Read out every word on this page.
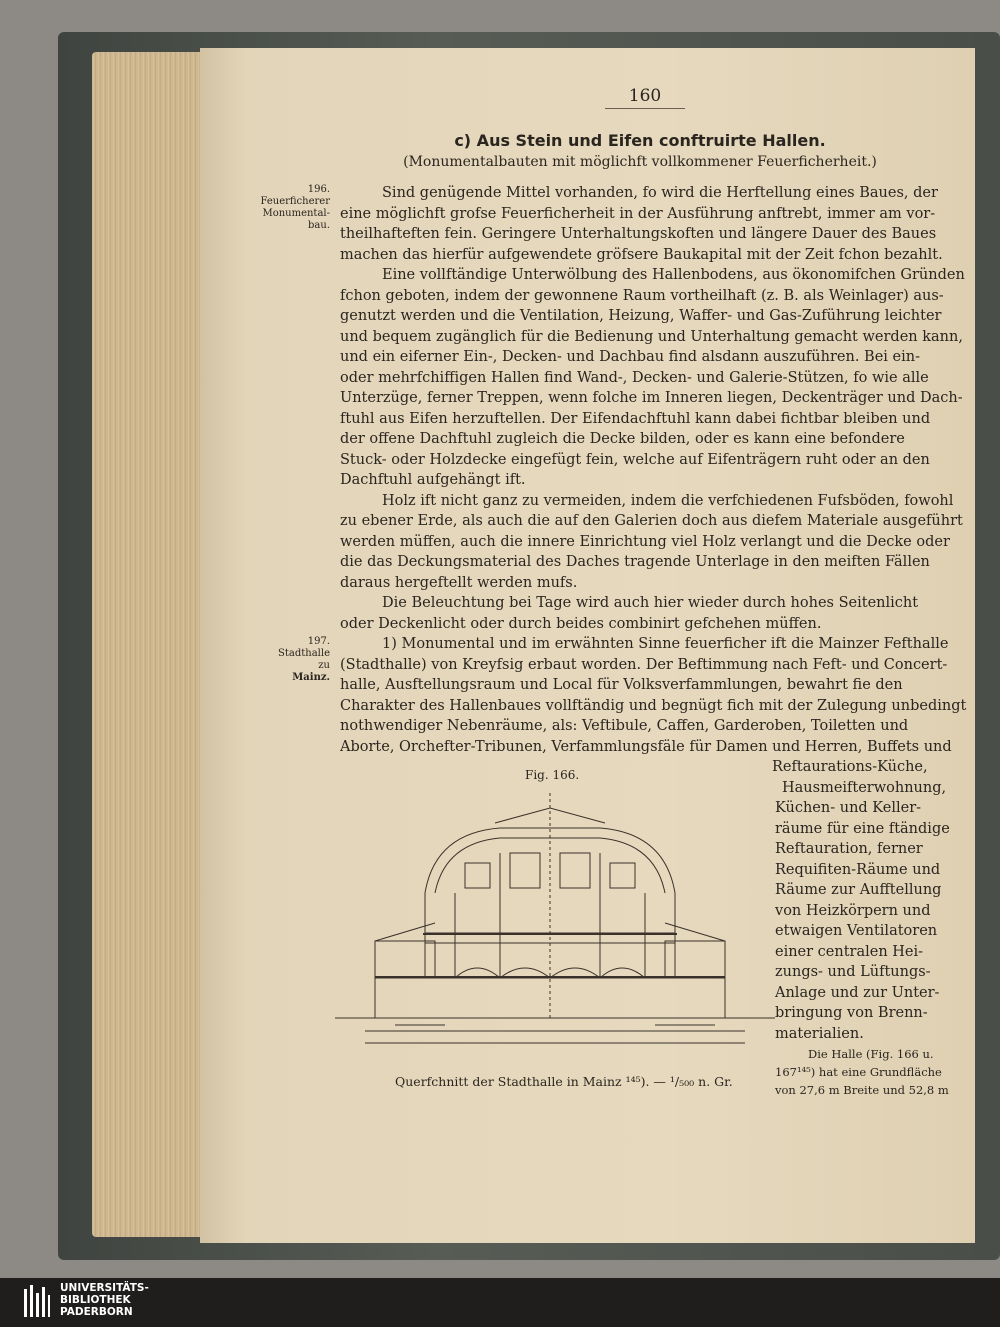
160
c) Aus Stein und Eifen conftruirte Hallen.
(Monumentalbauten mit möglichft vollkommener Feuerficherheit.)
196.
Feuerficherer
Monumental-
bau.
197.
Stadthalle
zu
Mainz.
Sind genügende Mittel vorhanden, fo wird die Herftellung eines Baues, der
eine möglichft grofse Feuerficherheit in der Ausführung anftrebt, immer am vor-
theilhafteften fein. Geringere Unterhaltungskoften und längere Dauer des Baues
machen das hierfür aufgewendete gröfsere Baukapital mit der Zeit fchon bezahlt.
Eine vollftändige Unterwölbung des Hallenbodens, aus ökonomifchen Gründen
fchon geboten, indem der gewonnene Raum vortheilhaft (z. B. als Weinlager) aus-
genutzt werden und die Ventilation, Heizung, Waffer- und Gas-Zuführung leichter
und bequem zugänglich für die Bedienung und Unterhaltung gemacht werden kann,
und ein eiferner Ein-, Decken- und Dachbau find alsdann auszuführen. Bei ein-
oder mehrfchiffigen Hallen find Wand-, Decken- und Galerie-Stützen, fo wie alle
Unterzüge, ferner Treppen, wenn folche im Inneren liegen, Deckenträger und Dach-
ftuhl aus Eifen herzuftellen. Der Eifendachftuhl kann dabei fichtbar bleiben und
der offene Dachftuhl zugleich die Decke bilden, oder es kann eine befondere
Stuck- oder Holzdecke eingefügt fein, welche auf Eifenträgern ruht oder an den
Dachftuhl aufgehängt ift.
Holz ift nicht ganz zu vermeiden, indem die verfchiedenen Fufsböden, fowohl
zu ebener Erde, als auch die auf den Galerien doch aus diefem Materiale ausgeführt
werden müffen, auch die innere Einrichtung viel Holz verlangt und die Decke oder
die das Deckungsmaterial des Daches tragende Unterlage in den meiften Fällen
daraus hergeftellt werden mufs.
Die Beleuchtung bei Tage wird auch hier wieder durch hohes Seitenlicht
oder Deckenlicht oder durch beides combinirt gefchehen müffen.
1) Monumental und im erwähnten Sinne feuerficher ift die Mainzer Fefthalle
(Stadthalle) von Kreyfsig erbaut worden. Der Beftimmung nach Feft- und Concert-
halle, Ausftellungsraum und Local für Volksverfammlungen, bewahrt fie den
Charakter des Hallenbaues vollftändig und begnügt fich mit der Zulegung unbedingt
nothwendiger Nebenräume, als: Veftibule, Caffen, Garderoben, Toiletten und
Aborte, Orchefter-Tribunen, Verfammlungsfäle für Damen und Herren, Buffets und
Reftaurations-Küche,
Hausmeifterwohnung,
Küchen- und Keller-
räume für eine ftändige
Reftauration, ferner
Requifiten-Räume und
Räume zur Aufftellung
von Heizkörpern und
etwaigen Ventilatoren
einer centralen Hei-
zungs- und Lüftungs-
Anlage und zur Unter-
bringung von Brenn-
materialien.
Die Halle (Fig. 166 u.
167¹⁴⁵) hat eine Grundfläche
von 27,6 m Breite und 52,8 m
Fig. 166.
Querfchnitt der Stadthalle in Mainz ¹⁴⁵). — ¹/₅₀₀ n. Gr.
UNIVERSITÄTS-
BIBLIOTHEK
PADERBORN
